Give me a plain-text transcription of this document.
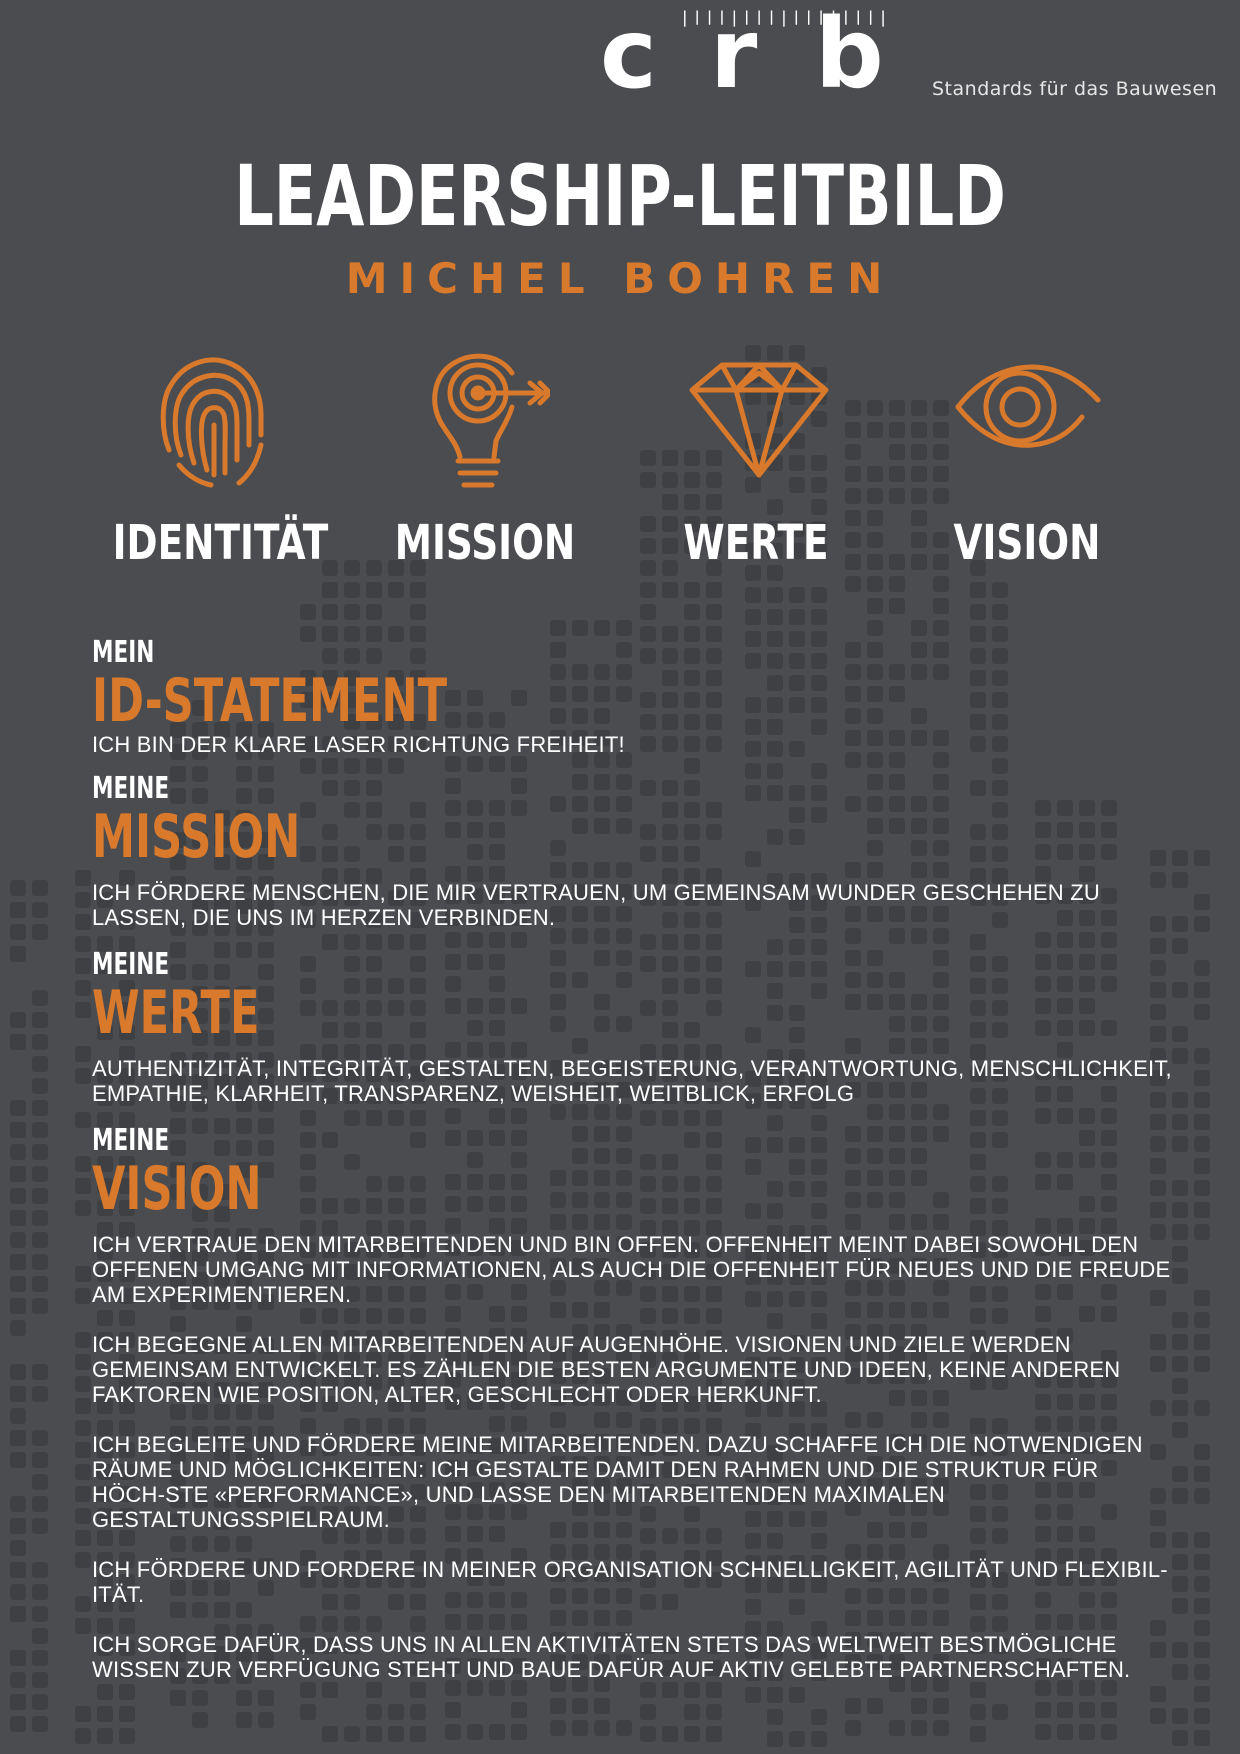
c r b	Standards für das Bauwesen
LEADERSHIP-LEITBILD
MICHEL BOHREN
IDENTITÄT MISSION	WERTE	VISION
MEIN
ID-STATEMENT
ICH BIN DER KLARE LASER RICHTUNG FREIHEIT!
MEINE
MISSION
ICH FÖRDERE MENSCHEN, DIE MIR VERTRAUEN, UM GEMEINSAM WUNDER GESCHEHEN ZU LASSEN, DIE UNS IM HERZEN VERBINDEN.
MEINE
WERTE
AUTHENTIZITÄT, INTEGRITÄT, GESTALTEN, BEGEISTERUNG, VERANTWORTUNG, MENSCHLICHKEIT, EMPATHIE, KLARHEIT, TRANSPARENZ, WEISHEIT, WEITBLICK, ERFOLG
MEINE
VISION

ICH VERTRAUE DEN MITARBEITENDEN UND BIN OFFEN. OFFENHEIT MEINT DABEI SOWOHL DEN OFFENEN UMGANG MIT INFORMATIONEN, ALS AUCH DIE OFFENHEIT FÜR NEUES UND DIE FREUDE AM EXPERIMENTIEREN.

ICH BEGEGNE ALLEN MITARBEITENDEN AUF AUGENHÖHE. VISIONEN UND ZIELE WERDEN GEMEINSAM ENTWICKELT. ES ZÄHLEN DIE BESTEN ARGUMENTE UND IDEEN, KEINE ANDEREN FAKTOREN WIE POSITION, ALTER, GESCHLECHT ODER HERKUNFT.

ICH BEGLEITE UND FÖRDERE MEINE MITARBEITENDEN. DAZU SCHAFFE ICH DIE NOTWENDIGEN RÄUME UND MÖGLICHKEITEN: ICH GESTALTE DAMIT DEN RAHMEN UND DIE STRUKTUR FÜR HÖCH-STE «PERFORMANCE», UND LASSE DEN MITARBEITENDEN MAXIMALEN GESTALTUNGSSPIELRAUM.

ICH FÖRDERE UND FORDERE IN MEINER ORGANISATION SCHNELLIGKEIT, AGILITÄT UND FLEXIBIL-ITÄT.

ICH SORGE DAFÜR, DASS UNS IN ALLEN AKTIVITÄTEN STETS DAS WELTWEIT BESTMÖGLICHE WISSEN ZUR VERFÜGUNG STEHT UND BAUE DAFÜR AUF AKTIV GELEBTE PARTNERSCHAFTEN.
